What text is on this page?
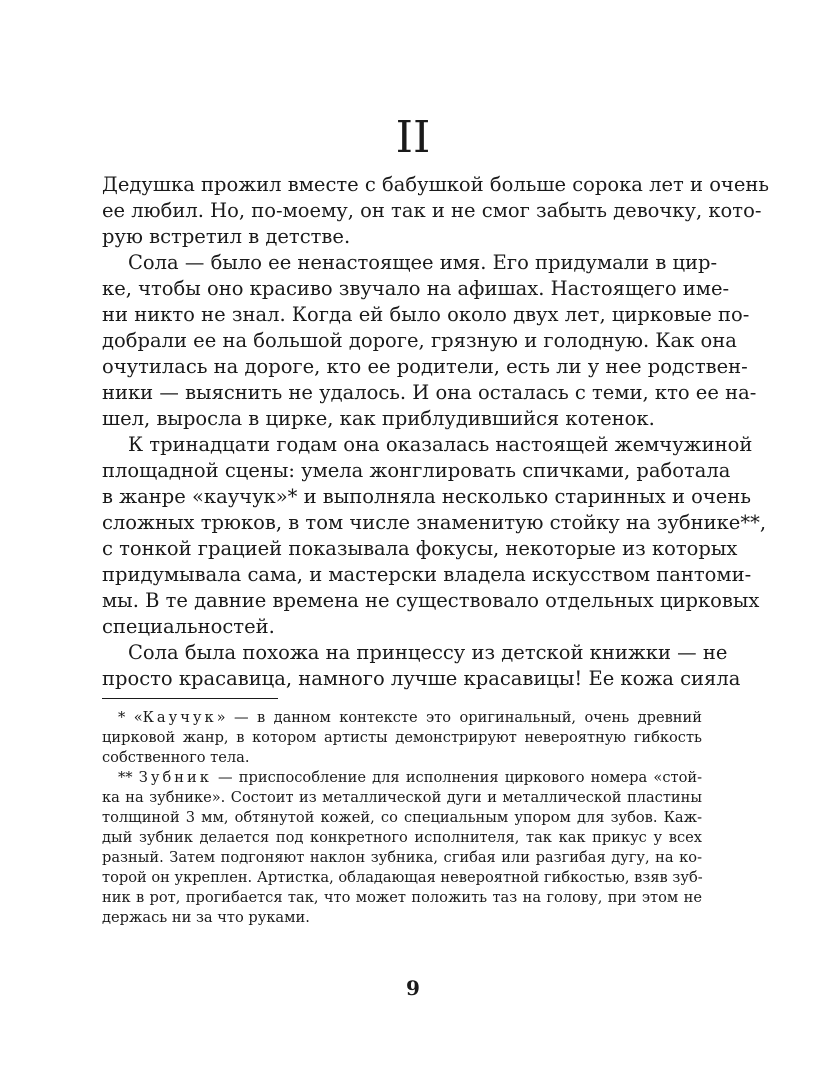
II
Дедушка прожил вместе с бабушкой больше сорока лет и очень
ее любил. Но, по-моему, он так и не смог забыть девочку, кото-
рую встретил в детстве.
Сола — было ее ненастоящее имя. Его придумали в цир-
ке, чтобы оно красиво звучало на афишах. Настоящего име-
ни никто не знал. Когда ей было около двух лет, цирковые по-
добрали ее на большой дороге, грязную и голодную. Как она
очутилась на дороге, кто ее родители, есть ли у нее родствен-
ники — выяснить не удалось. И она осталась с теми, кто ее на-
шел, выросла в цирке, как приблудившийся котенок.
К тринадцати годам она оказалась настоящей жемчужиной
площадной сцены: умела жонглировать спичками, работала
в жанре «каучук»* и выполняла несколько старинных и очень
сложных трюков, в том числе знаменитую стойку на зубнике**,
с тонкой грацией показывала фокусы, некоторые из которых
придумывала сама, и мастерски владела искусством пантоми-
мы. В те давние времена не существовало отдельных цирковых
специальностей.
Сола была похожа на принцессу из детской книжки — не
просто красавица, намного лучше красавицы! Ее кожа сияла
* «Каучук» — в данном контексте это оригинальный, очень древний
цирковой жанр, в котором артисты демонстрируют невероятную гибкость
собственного тела.
** Зубник — приспособление для исполнения циркового номера «стой-
ка на зубнике». Состоит из металлической дуги и металлической пластины
толщиной 3 мм, обтянутой кожей, со специальным упором для зубов. Каж-
дый зубник делается под конкретного исполнителя, так как прикус у всех
разный. Затем подгоняют наклон зубника, сгибая или разгибая дугу, на ко-
торой он укреплен. Артистка, обладающая невероятной гибкостью, взяв зуб-
ник в рот, прогибается так, что может положить таз на голову, при этом не
держась ни за что руками.
9
